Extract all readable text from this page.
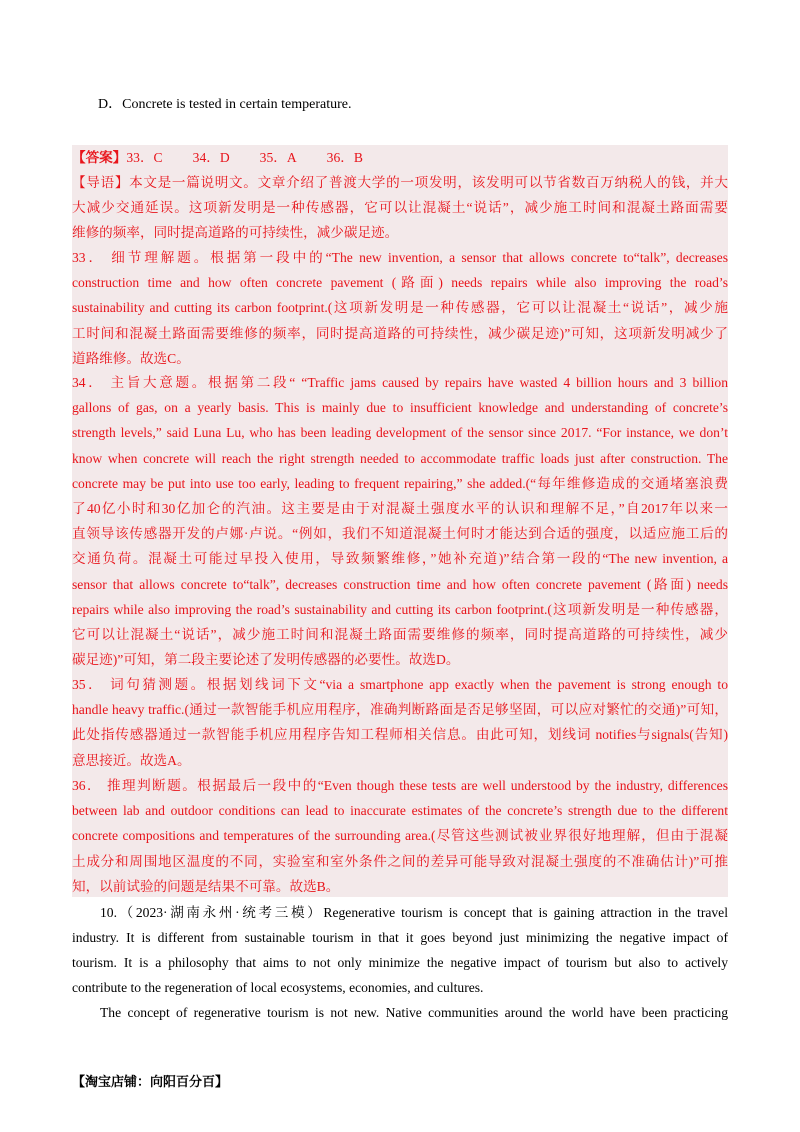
D．Concrete is tested in certain temperature.

【答案】33．C 34．D 35．A 36．B

【导语】本文是一篇说明文。文章介绍了普渡大学的一项发明，该发明可以节省数百万纳税人的钱，并大

大减少交通延误。这项新发明是一种传感器，它可以让混凝土“说话”，减少施工时间和混凝土路面需要

维修的频率，同时提高道路的可持续性，减少碳足迹。

33． 细节理解题。根据第一段中的“The new invention, a sensor that allows concrete to“talk”, decreases

construction time and how often concrete pavement (路面) needs repairs while also improving the road’s

sustainability and cutting its carbon footprint.(这项新发明是一种传感器，它可以让混凝土“说话”，减少施

工时间和混凝土路面需要维修的频率，同时提高道路的可持续性，减少碳足迹)”可知，这项新发明减少了

道路维修。故选C。

34． 主旨大意题。根据第二段“ “Traffic jams caused by repairs have wasted 4 billion hours and 3 billion

gallons of gas, on a yearly basis. This is mainly due to insufficient knowledge and understanding of concrete’s

strength levels,” said Luna Lu, who has been leading development of the sensor since 2017. “For instance, we don’t

know when concrete will reach the right strength needed to accommodate traffic loads just after construction. The

concrete may be put into use too early, leading to frequent repairing,” she added.(“每年维修造成的交通堵塞浪费

了40亿小时和30亿加仑的汽油。这主要是由于对混凝土强度水平的认识和理解不足，”自2017年以来一

直领导该传感器开发的卢娜·卢说。“例如，我们不知道混凝土何时才能达到合适的强度，以适应施工后的

交通负荷。混凝土可能过早投入使用，导致频繁维修，”她补充道)”结合第一段的“The new invention, a

sensor that allows concrete to“talk”, decreases construction time and how often concrete pavement (路面) needs

repairs while also improving the road’s sustainability and cutting its carbon footprint.(这项新发明是一种传感器，

它可以让混凝土“说话”，减少施工时间和混凝土路面需要维修的频率，同时提高道路的可持续性，减少

碳足迹)”可知，第二段主要论述了发明传感器的必要性。故选D。

35． 词句猜测题。根据划线词下文“via a smartphone app exactly when the pavement is strong enough to

handle heavy traffic.(通过一款智能手机应用程序，准确判断路面是否足够坚固，可以应对繁忙的交通)”可知，

此处指传感器通过一款智能手机应用程序告知工程师相关信息。由此可知，划线词 notifies与signals(告知)

意思接近。故选A。

36． 推理判断题。根据最后一段中的“Even though these tests are well understood by the industry, differences

between lab and outdoor conditions can lead to inaccurate estimates of the concrete’s strength due to the different

concrete compositions and temperatures of the surrounding area.(尽管这些测试被业界很好地理解，但由于混凝

土成分和周围地区温度的不同，实验室和室外条件之间的差异可能导致对混凝土强度的不准确估计)”可推

知，以前试验的问题是结果不可靠。故选B。

10.（2023·湖南永州·统考三模）Regenerative tourism is concept that is gaining attraction in the travel

industry. It is different from sustainable tourism in that it goes beyond just minimizing the negative impact of

tourism. It is a philosophy that aims to not only minimize the negative impact of tourism but also to actively

contribute to the regeneration of local ecosystems, economies, and cultures.

The concept of regenerative tourism is not new. Native communities around the world have been practicing

【淘宝店铺：向阳百分百】
